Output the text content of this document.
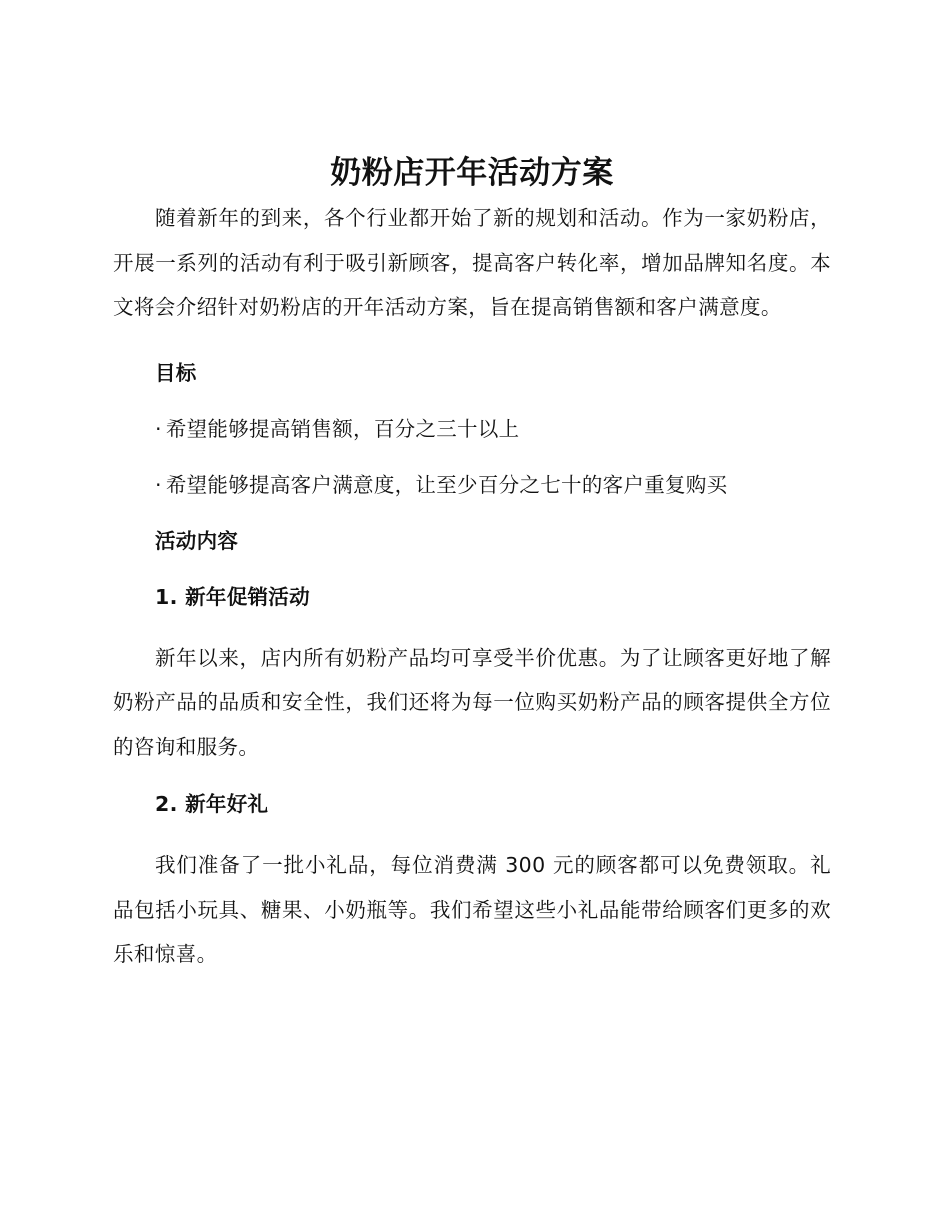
奶粉店开年活动方案

随着新年的到来，各个行业都开始了新的规划和活动。作为一家奶粉店，开展一系列的活动有利于吸引新顾客，提高客户转化率，增加品牌知名度。本文将会介绍针对奶粉店的开年活动方案，旨在提高销售额和客户满意度。

目标

· 希望能够提高销售额，百分之三十以上

· 希望能够提高客户满意度，让至少百分之七十的客户重复购买

活动内容

1. 新年促销活动

新年以来，店内所有奶粉产品均可享受半价优惠。为了让顾客更好地了解奶粉产品的品质和安全性，我们还将为每一位购买奶粉产品的顾客提供全方位的咨询和服务。

2. 新年好礼

我们准备了一批小礼品，每位消费满 300 元的顾客都可以免费领取。礼品包括小玩具、糖果、小奶瓶等。我们希望这些小礼品能带给顾客们更多的欢乐和惊喜。
